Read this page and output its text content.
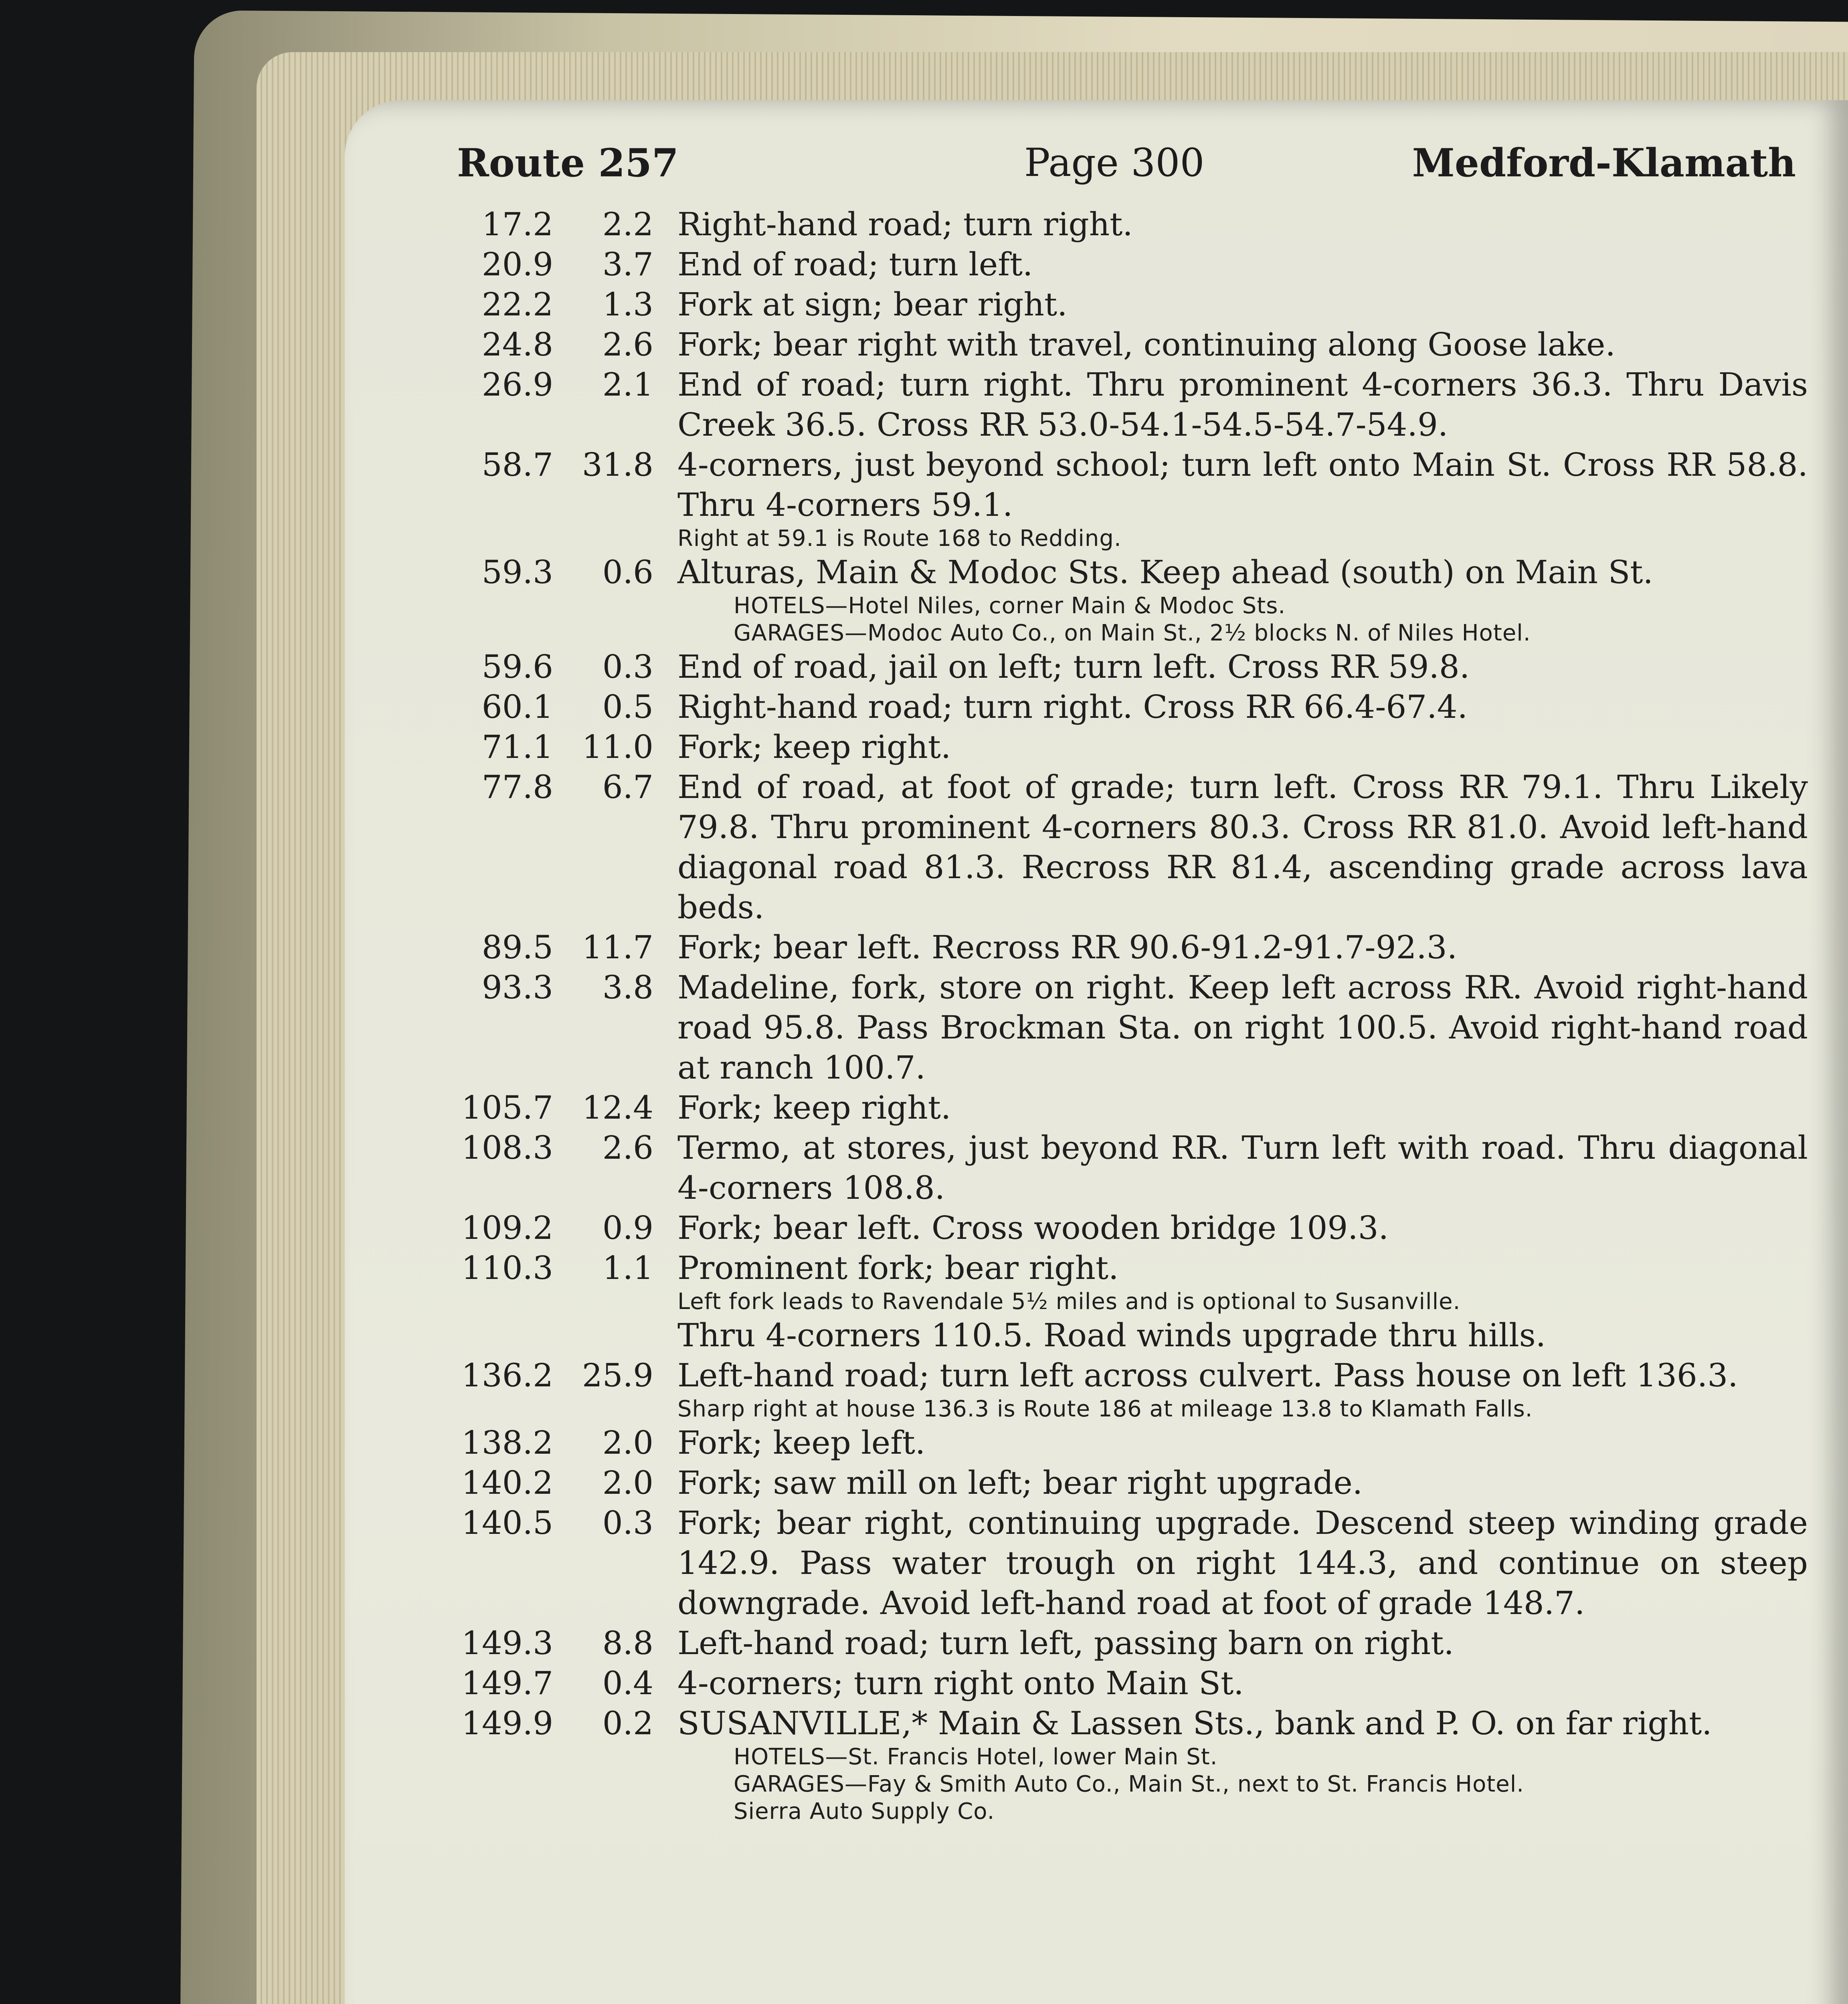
Route 257	Page 300	Medford-Klamath
17.2	2.2 Right-hand road; turn right.
20.9	3.7 End of road; turn left.
22.2	1.3 Fork at sign; bear right.
24.8	2.6 Fork; bear right with travel, continuing along Goose lake.
26.9	2.1 End of road; turn right. Thru prominent 4-corners 36.3. Thru Davis Creek 36.5. Cross RR 53.0-54.1-54.5-54.7-54.9.
58.7 31.8 4-corners, just beyond school; turn left onto Main St. Cross RR 58.8. Thru 4-corners 59.1.
Right at 59.1 is Route 168 to Redding.
59.3	0.6 Alturas, Main & Modoc Sts. Keep ahead (south) on Main St.
HOTELS—Hotel Niles, corner Main & Modoc Sts.
GARAGES—Modoc Auto Co., on Main St., 2½ blocks N. of Niles Hotel.
59.6	0.3 End of road, jail on left; turn left. Cross RR 59.8.
60.1	0.5 Right-hand road; turn right. Cross RR 66.4-67.4.
71.1 11.0 Fork; keep right.
77.8	6.7 End of road, at foot of grade; turn left. Cross RR 79.1. Thru Likely 79.8. Thru prominent 4-corners 80.3. Cross RR 81.0. Avoid left-hand diagonal road 81.3. Recross RR 81.4, ascending grade across lava beds.
89.5 11.7 Fork; bear left. Recross RR 90.6-91.2-91.7-92.3.
93.3	3.8 Madeline, fork, store on right. Keep left across RR. Avoid right-hand road 95.8. Pass Brockman Sta. on right 100.5. Avoid right-hand road at ranch 100.7.
105.7 12.4 Fork; keep right.
108.3	2.6 Termo, at stores, just beyond RR. Turn left with road. Thru diagonal 4-corners 108.8.
109.2	0.9 Fork; bear left. Cross wooden bridge 109.3.
110.3	1.1 Prominent fork; bear right.
Left fork leads to Ravendale 5½ miles and is optional to Susanville.
Thru 4-corners 110.5. Road winds upgrade thru hills.
136.2 25.9 Left-hand road; turn left across culvert. Pass house on left 136.3.
Sharp right at house 136.3 is Route 186 at mileage 13.8 to Klamath Falls.
138.2	2.0 Fork; keep left.
140.2	2.0 Fork; saw mill on left; bear right upgrade.
140.5	0.3 Fork; bear right, continuing upgrade. Descend steep winding grade 142.9. Pass water trough on right 144.3, and continue on steep downgrade. Avoid left-hand road at foot of grade 148.7.
149.3	8.8 Left-hand road; turn left, passing barn on right.
149.7	0.4 4-corners; turn right onto Main St.
149.9	0.2 SUSANVILLE,* Main & Lassen Sts., bank and P. O. on far right.
HOTELS—St. Francis Hotel, lower Main St.
GARAGES—Fay & Smith Auto Co., Main St., next to St. Francis Hotel.
Sierra Auto Supply Co.
